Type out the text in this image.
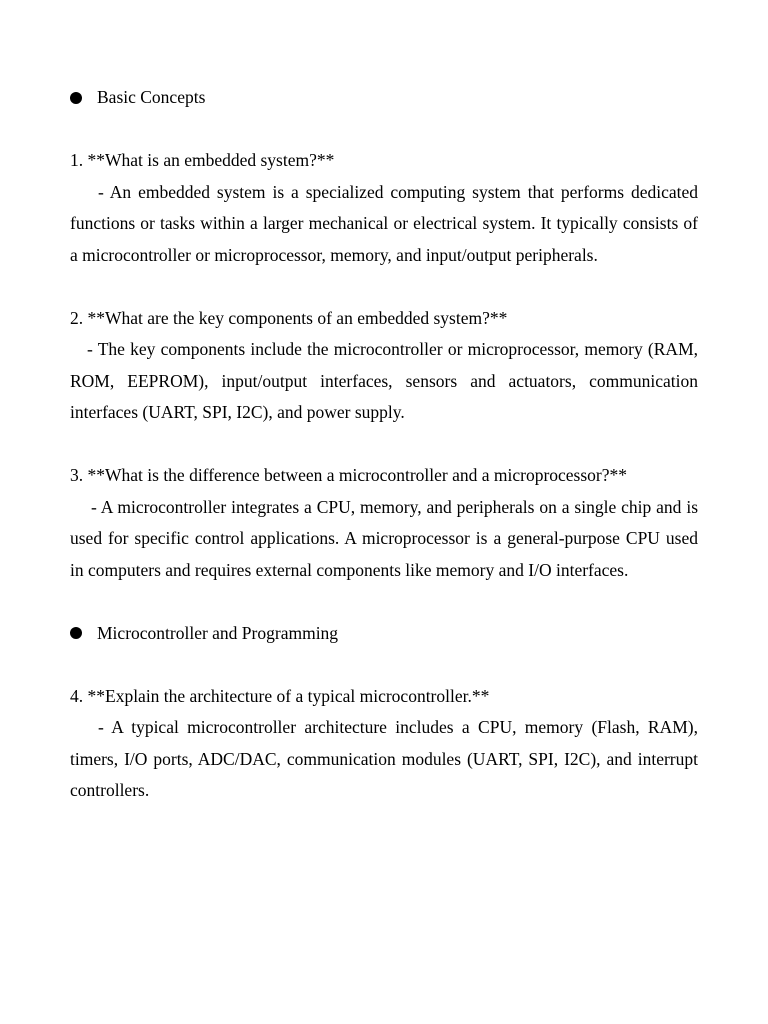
Basic Concepts
1. **What is an embedded system?**
- An embedded system is a specialized computing system that performs dedicated functions or tasks within a larger mechanical or electrical system. It typically consists of a microcontroller or microprocessor, memory, and input/output peripherals.
2. **What are the key components of an embedded system?**
- The key components include the microcontroller or microprocessor, memory (RAM, ROM, EEPROM), input/output interfaces, sensors and actuators, communication interfaces (UART, SPI, I2C), and power supply.
3. **What is the difference between a microcontroller and a microprocessor?**
- A microcontroller integrates a CPU, memory, and peripherals on a single chip and is used for specific control applications. A microprocessor is a general-purpose CPU used in computers and requires external components like memory and I/O interfaces.
Microcontroller and Programming
4. **Explain the architecture of a typical microcontroller.**
- A typical microcontroller architecture includes a CPU, memory (Flash, RAM), timers, I/O ports, ADC/DAC, communication modules (UART, SPI, I2C), and interrupt controllers.
